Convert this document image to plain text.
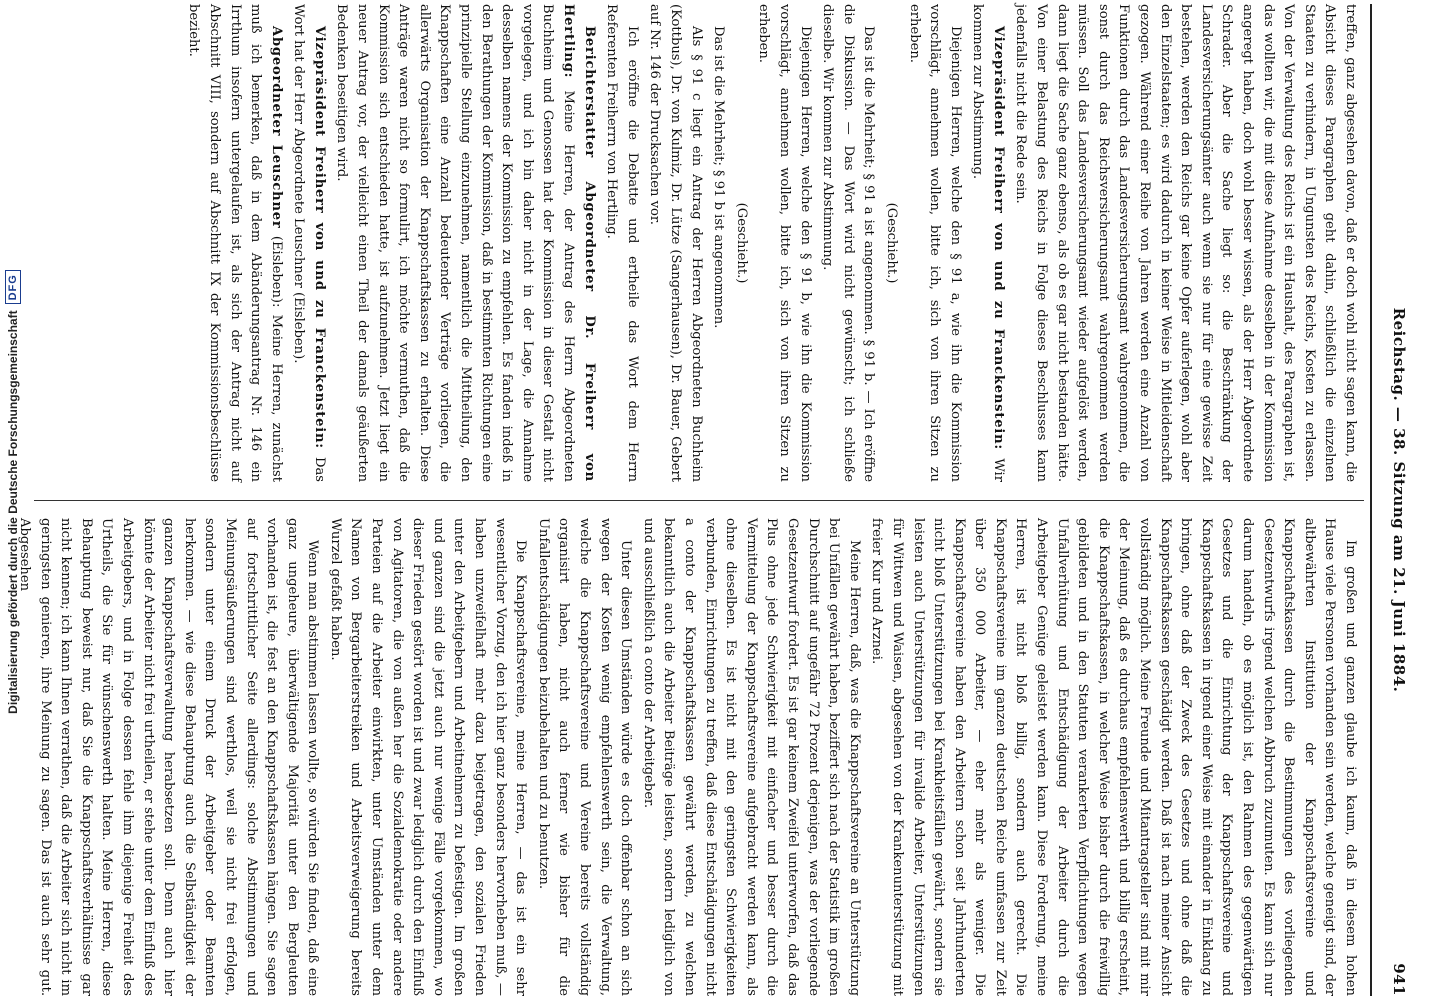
Digitalisierung gefördert durch die Deutsche Forschungsgemeinschaft
DFG
Reichstag. — 38. Sitzung am 21. Juni 1884.
941

treffen, ganz abgesehen davon, daß er doch wohl nicht sagen kann, die Absicht dieses Paragraphen geht dahin, schließlich die einzelnen Staaten zu verhindern, in Ungunsten des Reichs, Kosten zu erlassen. Von der Verwaltung des Reichs ist ein Haushalt, des Paragraphen ist, das wollten wir, die mit diese Aufnahme desselben in der Kommission angeregt haben, doch wohl besser wissen, als der Herr Abgeordnete Schrader. Aber die Sache liegt so: die Beschränkung der Landesversicherungsämter auch wenn sie nur für eine gewisse Zeit bestehen, werden den Reichs gar keine Opfer auferlegen, wohl aber den Einzelstaaten; es wird dadurch in keiner Weise in Mitleidenschaft gezogen. Während einer Reihe von Jahren werden eine Anzahl von Funktionen durch das Landesversicherungsamt wahrgenommen, die sonst durch das Reichsversicherungsamt wahrgenommen werden müssen. Soll das Landesversicherungsamt wieder aufgelöst werden, dann liegt die Sache ganz ebenso, als ob es gar nicht bestanden hätte. Von einer Belastung des Reichs in Folge dieses Beschlusses kann jedenfalls nicht die Rede sein.

Vizepräsident Freiherr von und zu Franckenstein: Wir kommen zur Abstimmung.

Diejenigen Herren, welche den § 91 a, wie ihn die Kommission vorschlägt, annehmen wollen, bitte ich, sich von ihren Sitzen zu erheben.

(Geschieht.)

Das ist die Mehrheit; § 91 a ist angenommen. § 91 b. — Ich eröffne die Diskussion. — Das Wort wird nicht gewünscht; ich schließe dieselbe. Wir kommen zur Abstimmung.

Diejenigen Herren, welche den § 91 b, wie ihn die Kommission vorschlägt, annehmen wollen, bitte ich, sich von ihren Sitzen zu erheben.

(Geschieht.)

Das ist die Mehrheit; § 91 b ist angenommen.

Als § 91 c liegt ein Antrag der Herren Abgeordneten Buchheim (Kottbus), Dr. von Kulmiz, Dr. Lütze (Sangerhausen), Dr. Bauer, Gebert auf Nr. 146 der Drucksachen vor.

Ich eröffne die Debatte und ertheile das Wort dem Herrn Referenten Freiherrn von Hertling.

Berichterstatter Abgeordneter Dr. Freiherr von Hertling: Meine Herren, der Antrag des Herrn Abgeordneten Buchheim und Genossen hat der Kommission in dieser Gestalt nicht vorgelegen, und ich bin daher nicht in der Lage, die Annahme desselben namens der Kommission zu empfehlen. Es fanden indeß in den Berathungen der Kommission, daß in bestimmten Richtungen eine prinzipielle Stellung einzunehmen, namentlich die Mittheilung, den Knappschaften eine Anzahl bedeutender Verträge vorliegen, die allerwärts Organisation der Knappschaftskassen zu erhalten. Diese Anträge waren nicht so formulirt, ich möchte vermuthen, daß die Kommission sich entschieden hatte, ist aufzunehmen. Jetzt liegt ein neuer Antrag vor, der vielleicht einen Theil der damals geäußerten Bedenken beseitigen wird.

Vizepräsident Freiherr von und zu Franckenstein: Das Wort hat der Herr Abgeordnete Leuschner (Eisleben).

Abgeordneter Leuschner (Eisleben): Meine Herren, zunächst muß ich bemerken, daß in dem Abänderungsantrag Nr. 146 ein Irrthum insofern untergelaufen ist, als sich der Antrag nicht auf Abschnitt VIII, sondern auf Abschnitt IX der Kommissionsbeschlüsse bezieht.

Im großen und ganzen glaube ich kaum, daß in diesem hohen Hause viele Personen vorhanden sein werden, welche geneigt sind, der altbewährten Institution der Knappschaftsvereine und Knappschaftskassen durch die Bestimmungen des vorliegenden Gesetzentwurfs irgend welchen Abbruch zuzumuten. Es kann sich nur darum handeln, ob es möglich ist, den Rahmen des gegenwärtigen Gesetzes und die Einrichtung der Knappschaftsvereine und Knappschaftskassen in irgend einer Weise mit einander in Einklang zu bringen, ohne daß der Zweck des Gesetzes und ohne daß die Knappschaftskassen geschädigt werden. Daß ist nach meiner Ansicht vollständig möglich. Meine Freunde und Mitantragsteller sind mit mir der Meinung, daß es durchaus empfehlenswerth und billig erscheint, die Knappschaftskassen, in welcher Weise bisher durch die freiwillig gebildeten und in den Statuten verankerten Verpflichtungen wegen Unfallverhütung und Entschädigung der Arbeiter durch die Arbeitgeber Genüge geleistet werden kann. Diese Forderung, meine Herren, ist nicht bloß billig, sondern auch gerecht. Die Knappschaftsvereine im ganzen deutschen Reiche umfassen zur Zeit über 350 000 Arbeiter, — eher mehr als weniger. Die Knappschaftsvereine haben den Arbeitern schon seit Jahrhunderten nicht bloß Unterstützungen bei Krankheitsfällen gewährt, sondern sie leisten auch Unterstützungen für invalide Arbeiter, Unterstützungen für Wittwen und Waisen, abgesehen von der Krankenunterstützung mit freier Kur und Arznei.

Meine Herren, daß, was die Knappschaftsvereine an Unterstützung bei Unfällen gewährt haben, beziffert sich nach der Statistik im großen Durchschnitt auf ungefähr 72 Prozent derjenigen, was der vorliegende Gesetzentwurf fordert. Es ist gar keinem Zweifel unterworfen, daß das Plus ohne jede Schwierigkeit mit einfacher und besser durch die Vermittelung der Knappschaftsvereine aufgebracht werden kann, als ohne dieselben. Es ist nicht mit den geringsten Schwierigkeiten verbunden, Einrichtungen zu treffen, daß diese Entschädigungen nicht a conto der Knappschaftskassen gewährt werden, zu welchen bekanntlich auch die Arbeiter Beiträge leisten, sondern lediglich von und ausschließlich a conto der Arbeitgeber.

Unter diesen Umständen würde es doch offenbar schon an sich wegen der Kosten wenig empfehlenswerth sein, die Verwaltung, welche die Knappschaftsvereine und Vereine bereits vollständig organisirt haben, nicht auch ferner wie bisher für die Unfallentschädigungen beizubehalten und zu benutzen.

Die Knappschaftsvereine, meine Herren, — das ist ein sehr wesentlicher Vorzug, den ich hier ganz besonders hervorheben muß, — haben unzweifelhaft mehr dazu beigetragen, den sozialen Frieden unter den Arbeitgebern und Arbeitnehmern zu befestigen. Im großen und ganzen sind die jetzt auch nur wenige Fälle vorgekommen, wo dieser Frieden gestört worden ist und zwar lediglich durch den Einfluß von Agitatoren, die von außen her die Sozialdemokratie oder andere Parteien auf die Arbeiter einwirkten, unter Umständen unter dem Namen von Bergarbeiterstreiken und Arbeitsverweigerung bereits Wurzel gefaßt haben.

Wenn man abstimmen lassen wollte, so würden Sie finden, daß eine ganz ungeheure, überwältigende Majorität unter den Bergleuten vorhanden ist, die fest an den Knappschaftskassen hängen. Sie sagen auf fortschrittlicher Seite allerdings: solche Abstimmungen und Meinungsäußerungen sind werthlos, weil sie nicht frei erfolgen, sondern unter einem Druck der Arbeitgeber oder Beamten herkommen. — wie diese Behauptung auch die Selbständigkeit der ganzen Knappschaftsverwaltung herabsetzen soll. Denn auch hier könnte der Arbeiter nicht frei urtheilen, er stehe unter dem Einfluß des Arbeitgebers, und in Folge dessen fehle ihm diejenige Freiheit des Urtheils, die Sie für wünschenswerth halten. Meine Herren, diese Behauptung beweist nur, daß Sie die Knappschaftsverhältnisse gar nicht kennen; ich kann Ihnen verrathen, daß die Arbeiter sich nicht im geringsten genieren, ihre Meinung zu sagen. Das ist auch sehr gut. Abgesehen
